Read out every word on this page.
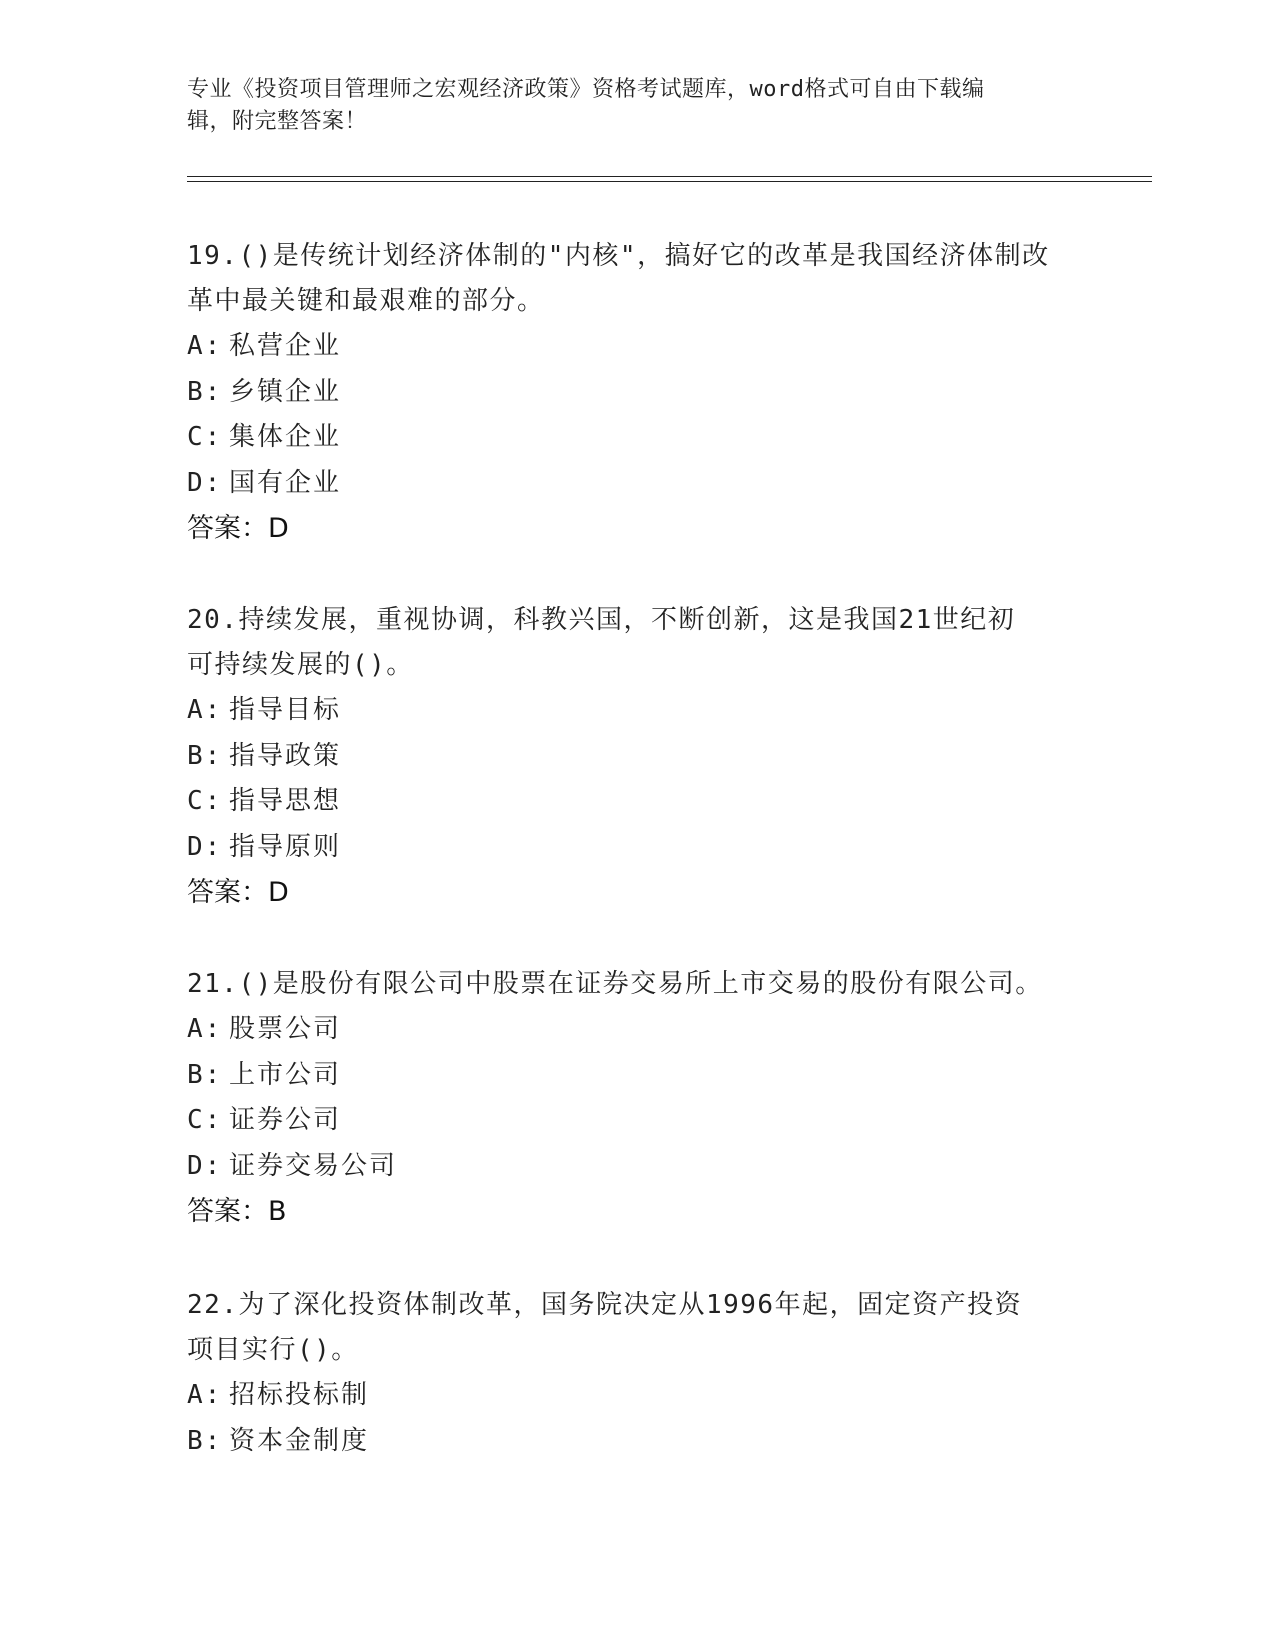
专业《投资项目管理师之宏观经济政策》资格考试题库，word格式可自由下载编
辑，附完整答案！
19.()是传统计划经济体制的"内核"，搞好它的改革是我国经济体制改
革中最关键和最艰难的部分。
A: 私营企业
B: 乡镇企业
C: 集体企业
D: 国有企业
答案：D
20.持续发展，重视协调，科教兴国，不断创新，这是我国21世纪初
可持续发展的()。
A: 指导目标
B: 指导政策
C: 指导思想
D: 指导原则
答案：D
21.()是股份有限公司中股票在证券交易所上市交易的股份有限公司。
A: 股票公司
B: 上市公司
C: 证券公司
D: 证券交易公司
答案：B
22.为了深化投资体制改革，国务院决定从1996年起，固定资产投资
项目实行()。
A: 招标投标制
B: 资本金制度
